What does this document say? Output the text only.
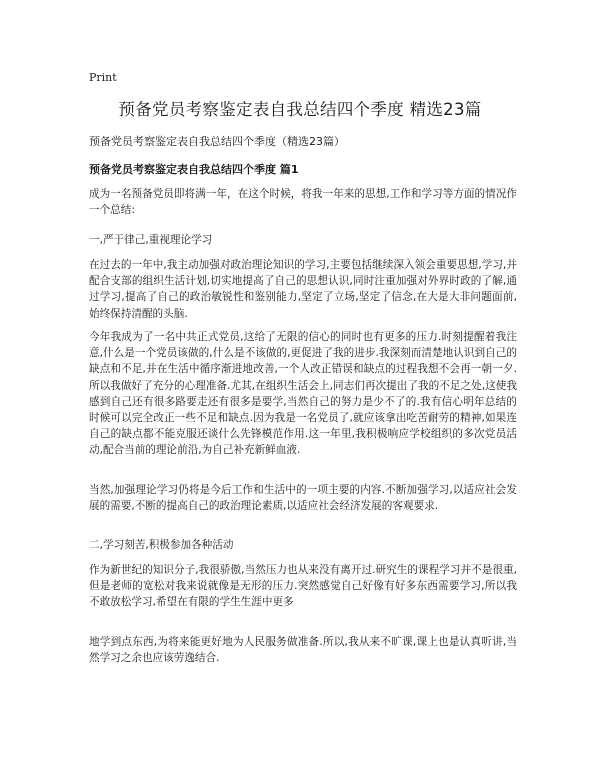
Print
预备党员考察鉴定表自我总结四个季度 精选23篇

预备党员考察鉴定表自我总结四个季度（精选23篇）

预备党员考察鉴定表自我总结四个季度 篇1

成为一名预备党员即将满一年，在这个时候，将我一年来的思想,工作和学习等方面的情况作一个总结:

一,严于律己,重视理论学习

在过去的一年中,我主动加强对政治理论知识的学习,主要包括继续深入领会重要思想,学习,并配合支部的组织生活计划,切实地提高了自己的思想认识,同时注重加强对外界时政的了解,通过学习,提高了自己的政治敏锐性和鉴别能力,坚定了立场,坚定了信念,在大是大非问题面前,始终保持清醒的头脑.

今年我成为了一名中共正式党员,这给了无限的信心的同时也有更多的压力.时刻提醒着我注意,什么是一个党员该做的,什么是不该做的,更促进了我的进步.我深刻而清楚地认识到自己的缺点和不足,并在生活中循序渐进地改善,一个人改正错误和缺点的过程我想不会再一朝一夕.所以我做好了充分的心理准备.尤其,在组织生活会上,同志们再次提出了我的不足之处,这使我感到自己还有很多路要走还有很多是要学,当然自己的努力是少不了的.我有信心明年总结的时候可以完全改正一些不足和缺点.因为我是一名党员了,就应该拿出吃苦耐劳的精神,如果连自己的缺点都不能克服还谈什么先锋模范作用.这一年里,我积极响应学校组织的多次党员活动,配合当前的理论前沿,为自己补充新鲜血液.

当然,加强理论学习仍将是今后工作和生活中的一项主要的内容.不断加强学习,以适应社会发展的需要,不断的提高自己的政治理论素质,以适应社会经济发展的客观要求.

二,学习刻苦,积极参加各种活动

作为新世纪的知识分子,我很骄傲,当然压力也从来没有离开过.研究生的课程学习并不是很重,但是老师的宽松对我来说就像是无形的压力.突然感觉自己好像有好多东西需要学习,所以我不敢放松学习,希望在有限的学生生涯中更多

地学到点东西,为将来能更好地为人民服务做准备.所以,我从来不旷课,课上也是认真听讲,当然学习之余也应该劳逸结合.
